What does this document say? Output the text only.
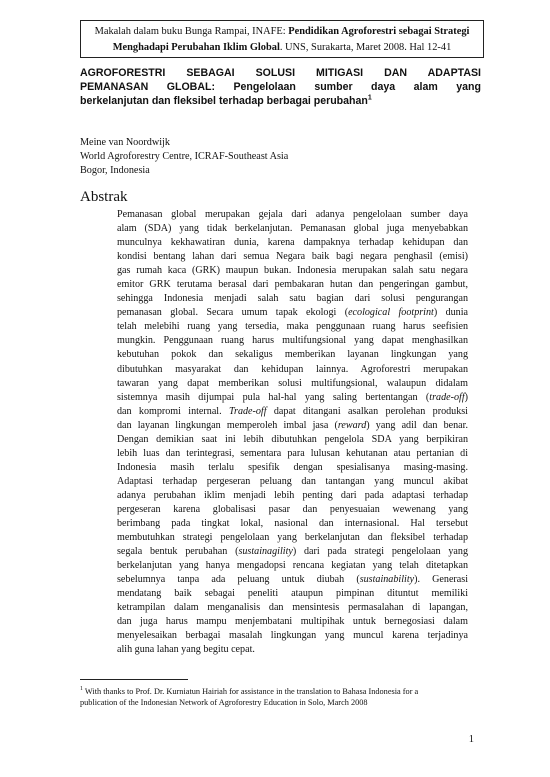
Makalah dalam buku Bunga Rampai, INAFE: Pendidikan Agroforestri sebagai Strategi
Menghadapi Perubahan Iklim Global. UNS, Surakarta, Maret 2008. Hal 12-41
AGROFORESTRI SEBAGAI SOLUSI MITIGASI DAN ADAPTASI
PEMANASAN GLOBAL: Pengelolaan sumber daya alam yang
berkelanjutan dan fleksibel terhadap berbagai perubahan$^1$
Meine van Noordwijk
World Agroforestry Centre, ICRAF-Southeast Asia
Bogor, Indonesia
Abstrak
Pemanasan global merupakan gejala dari adanya pengelolaan sumber daya
alam (SDA) yang tidak berkelanjutan. Pemanasan global juga menyebabkan
munculnya kekhawatiran dunia, karena dampaknya terhadap kehidupan dan
kondisi bentang lahan dari semua Negara baik bagi negara penghasil (emisi)
gas rumah kaca (GRK) maupun bukan. Indonesia merupakan salah satu negara
emitor GRK terutama berasal dari pembakaran hutan dan pengeringan gambut,
sehingga Indonesia menjadi salah satu bagian dari solusi pengurangan
pemanasan global. Secara umum tapak ekologi (ecological footprint) dunia
telah melebihi ruang yang tersedia, maka penggunaan ruang harus seefisien
mungkin. Penggunaan ruang harus multifungsional yang dapat menghasilkan
kebutuhan pokok dan sekaligus memberikan layanan lingkungan yang
dibutuhkan masyarakat dan kehidupan lainnya. Agroforestri merupakan
tawaran yang dapat memberikan solusi multifungsional, walaupun didalam
sistemnya masih dijumpai pula hal-hal yang saling bertentangan (trade-off)
dan kompromi internal. Trade-off dapat ditangani asalkan perolehan produksi
dan layanan lingkungan memperoleh imbal jasa (reward) yang adil dan benar.
Dengan demikian saat ini lebih dibutuhkan pengelola SDA yang berpikiran
lebih luas dan terintegrasi, sementara para lulusan kehutanan atau pertanian di
Indonesia masih terlalu spesifik dengan spesialisanya masing-masing.
Adaptasi terhadap pergeseran peluang dan tantangan yang muncul akibat
adanya perubahan iklim menjadi lebih penting dari pada adaptasi terhadap
pergeseran karena globalisasi pasar dan penyesuaian wewenang yang
berimbang pada tingkat lokal, nasional dan internasional. Hal tersebut
membutuhkan strategi pengelolaan yang berkelanjutan dan fleksibel terhadap
segala bentuk perubahan (sustainagility) dari pada strategi pengelolaan yang
berkelanjutan yang hanya mengadopsi rencana kegiatan yang telah ditetapkan
sebelumnya tanpa ada peluang untuk diubah (sustainability). Generasi
mendatang baik sebagai peneliti ataupun pimpinan dituntut memiliki
ketrampilan dalam menganalisis dan mensintesis permasalahan di lapangan,
dan juga harus mampu menjembatani multipihak untuk bernegosiasi dalam
menyelesaikan berbagai masalah lingkungan yang muncul karena terjadinya
alih guna lahan yang begitu cepat.
$^1$ With thanks to Prof. Dr. Kurniatun Hairiah for assistance in the translation to Bahasa Indonesia for a
publication of the Indonesian Network of Agroforestry Education in Solo, March 2008
1
